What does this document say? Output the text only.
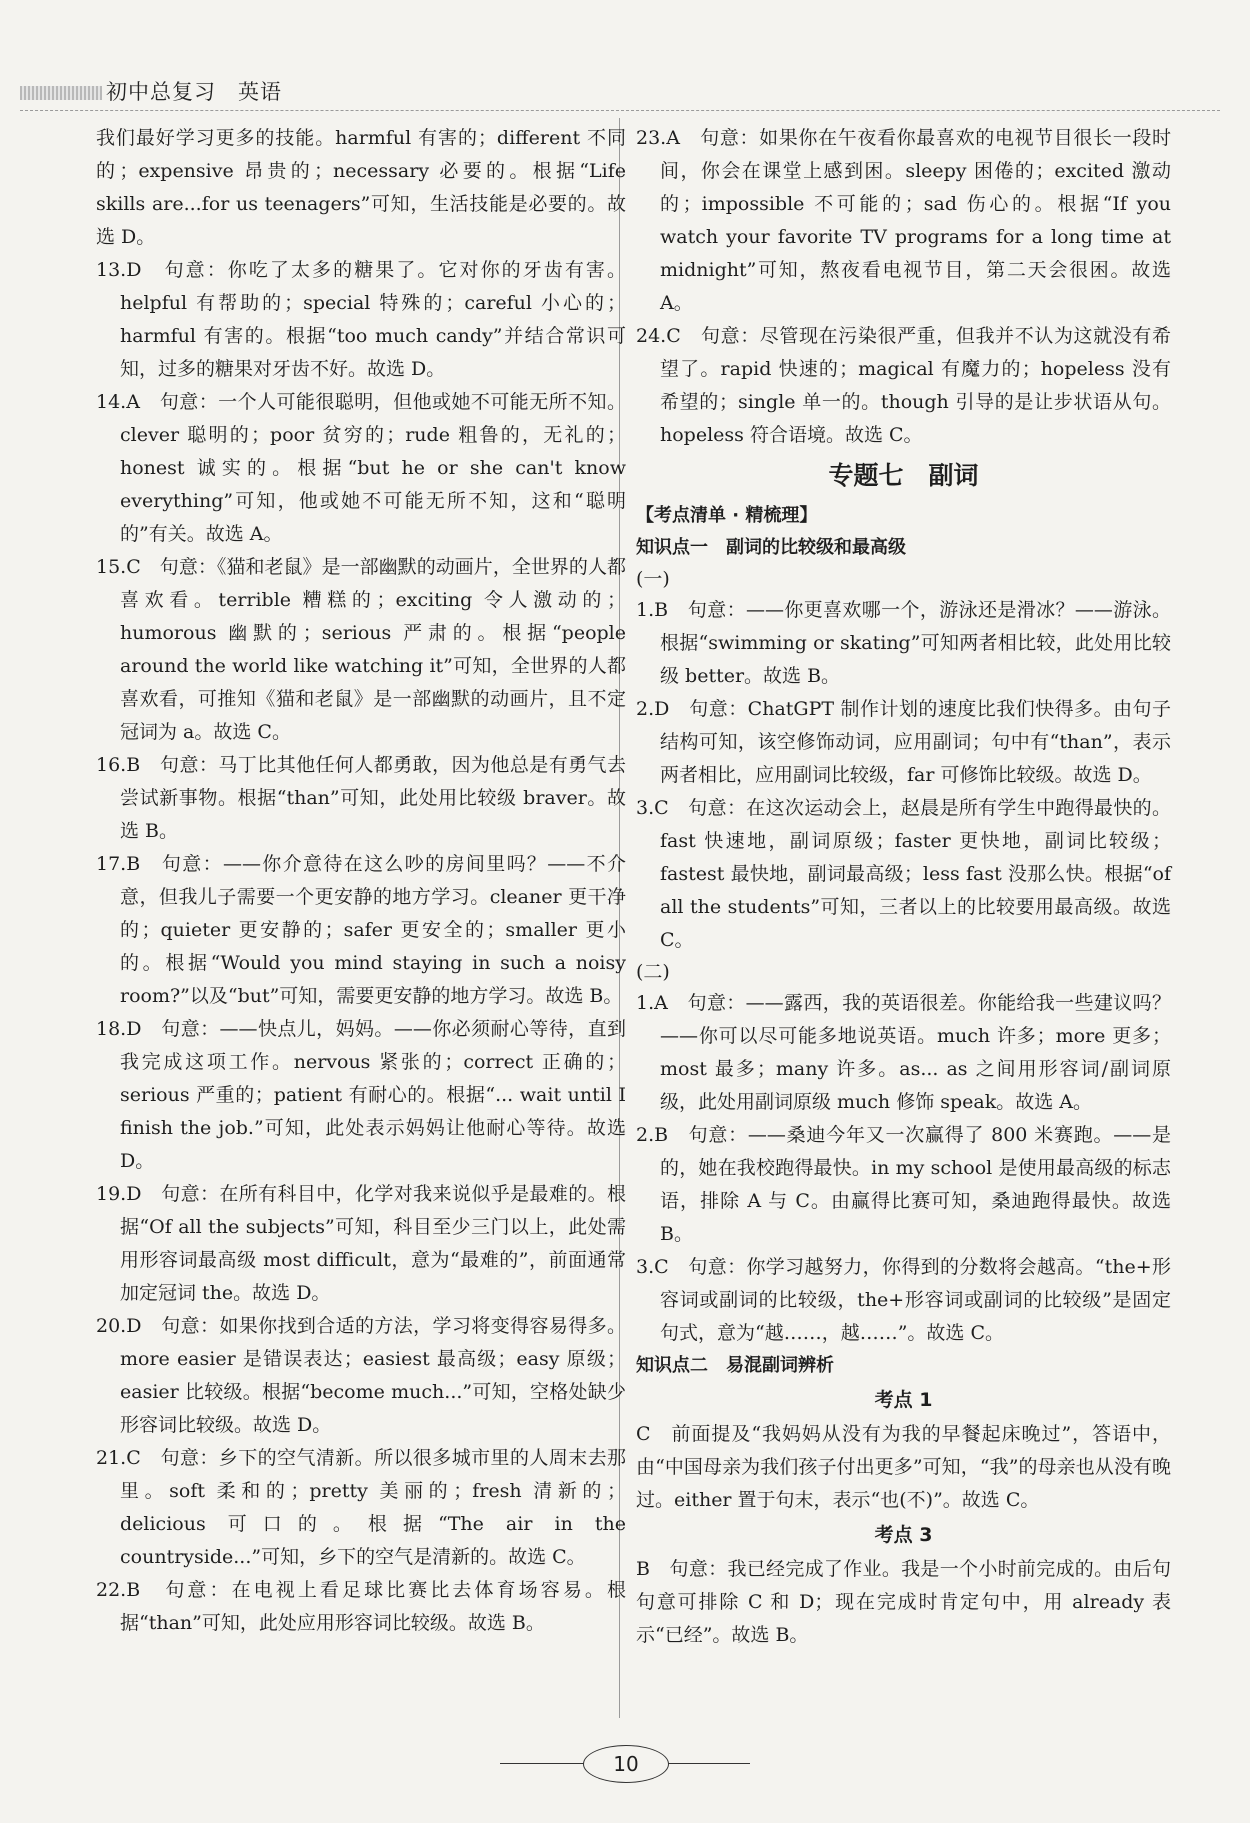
初中总复习　英语
我们最好学习更多的技能。harmful 有害的；different 不同的；expensive 昂贵的；necessary 必要的。根据“Life skills are...for us teenagers”可知，生活技能是必要的。故选 D。
13.D　句意：你吃了太多的糖果了。它对你的牙齿有害。helpful 有帮助的；special 特殊的；careful 小心的；harmful 有害的。根据“too much candy”并结合常识可知，过多的糖果对牙齿不好。故选 D。
14.A　句意：一个人可能很聪明，但他或她不可能无所不知。clever 聪明的；poor 贫穷的；rude 粗鲁的，无礼的；honest 诚实的。根据“but he or she can't know everything”可知，他或她不可能无所不知，这和“聪明的”有关。故选 A。
15.C　句意：《猫和老鼠》是一部幽默的动画片，全世界的人都喜欢看。terrible 糟糕的；exciting 令人激动的；humorous 幽默的；serious 严肃的。根据“people around the world like watching it”可知，全世界的人都喜欢看，可推知《猫和老鼠》是一部幽默的动画片，且不定冠词为 a。故选 C。
16.B　句意：马丁比其他任何人都勇敢，因为他总是有勇气去尝试新事物。根据“than”可知，此处用比较级 braver。故选 B。
17.B　句意：——你介意待在这么吵的房间里吗？——不介意，但我儿子需要一个更安静的地方学习。cleaner 更干净的；quieter 更安静的；safer 更安全的；smaller 更小的。根据“Would you mind staying in such a noisy room?”以及“but”可知，需要更安静的地方学习。故选 B。
18.D　句意：——快点儿，妈妈。——你必须耐心等待，直到我完成这项工作。nervous 紧张的；correct 正确的；serious 严重的；patient 有耐心的。根据“... wait until I finish the job.”可知，此处表示妈妈让他耐心等待。故选 D。
19.D　句意：在所有科目中，化学对我来说似乎是最难的。根据“Of all the subjects”可知，科目至少三门以上，此处需用形容词最高级 most difficult，意为“最难的”，前面通常加定冠词 the。故选 D。
20.D　句意：如果你找到合适的方法，学习将变得容易得多。more easier 是错误表达；easiest 最高级；easy 原级；easier 比较级。根据“become much...”可知，空格处缺少形容词比较级。故选 D。
21.C　句意：乡下的空气清新。所以很多城市里的人周末去那里。soft 柔和的；pretty 美丽的；fresh 清新的；delicious 可口的。根据“The air in the countryside...”可知，乡下的空气是清新的。故选 C。
22.B　句意：在电视上看足球比赛比去体育场容易。根据“than”可知，此处应用形容词比较级。故选 B。
23.A　句意：如果你在午夜看你最喜欢的电视节目很长一段时间，你会在课堂上感到困。sleepy 困倦的；excited 激动的；impossible 不可能的；sad 伤心的。根据“If you watch your favorite TV programs for a long time at midnight”可知，熬夜看电视节目，第二天会很困。故选 A。
24.C　句意：尽管现在污染很严重，但我并不认为这就没有希望了。rapid 快速的；magical 有魔力的；hopeless 没有希望的；single 单一的。though 引导的是让步状语从句。hopeless 符合语境。故选 C。
专题七　副词
【考点清单 · 精梳理】
知识点一　副词的比较级和最高级
(一)
1.B　句意：——你更喜欢哪一个，游泳还是滑冰？——游泳。根据“swimming or skating”可知两者相比较，此处用比较级 better。故选 B。
2.D　句意：ChatGPT 制作计划的速度比我们快得多。由句子结构可知，该空修饰动词，应用副词；句中有“than”，表示两者相比，应用副词比较级，far 可修饰比较级。故选 D。
3.C　句意：在这次运动会上，赵晨是所有学生中跑得最快的。fast 快速地，副词原级；faster 更快地，副词比较级；fastest 最快地，副词最高级；less fast 没那么快。根据“of all the students”可知，三者以上的比较要用最高级。故选 C。
(二)
1.A　句意：——露西，我的英语很差。你能给我一些建议吗？——你可以尽可能多地说英语。much 许多；more 更多；most 最多；many 许多。as... as 之间用形容词/副词原级，此处用副词原级 much 修饰 speak。故选 A。
2.B　句意：——桑迪今年又一次赢得了 800 米赛跑。——是的，她在我校跑得最快。in my school 是使用最高级的标志语，排除 A 与 C。由赢得比赛可知，桑迪跑得最快。故选 B。
3.C　句意：你学习越努力，你得到的分数将会越高。“the+形容词或副词的比较级，the+形容词或副词的比较级”是固定句式，意为“越……，越……”。故选 C。
知识点二　易混副词辨析
考点 1
C　前面提及“我妈妈从没有为我的早餐起床晚过”，答语中，由“中国母亲为我们孩子付出更多”可知，“我”的母亲也从没有晚过。either 置于句末，表示“也(不)”。故选 C。
考点 3
B　句意：我已经完成了作业。我是一个小时前完成的。由后句句意可排除 C 和 D；现在完成时肯定句中，用 already 表示“已经”。故选 B。
10
